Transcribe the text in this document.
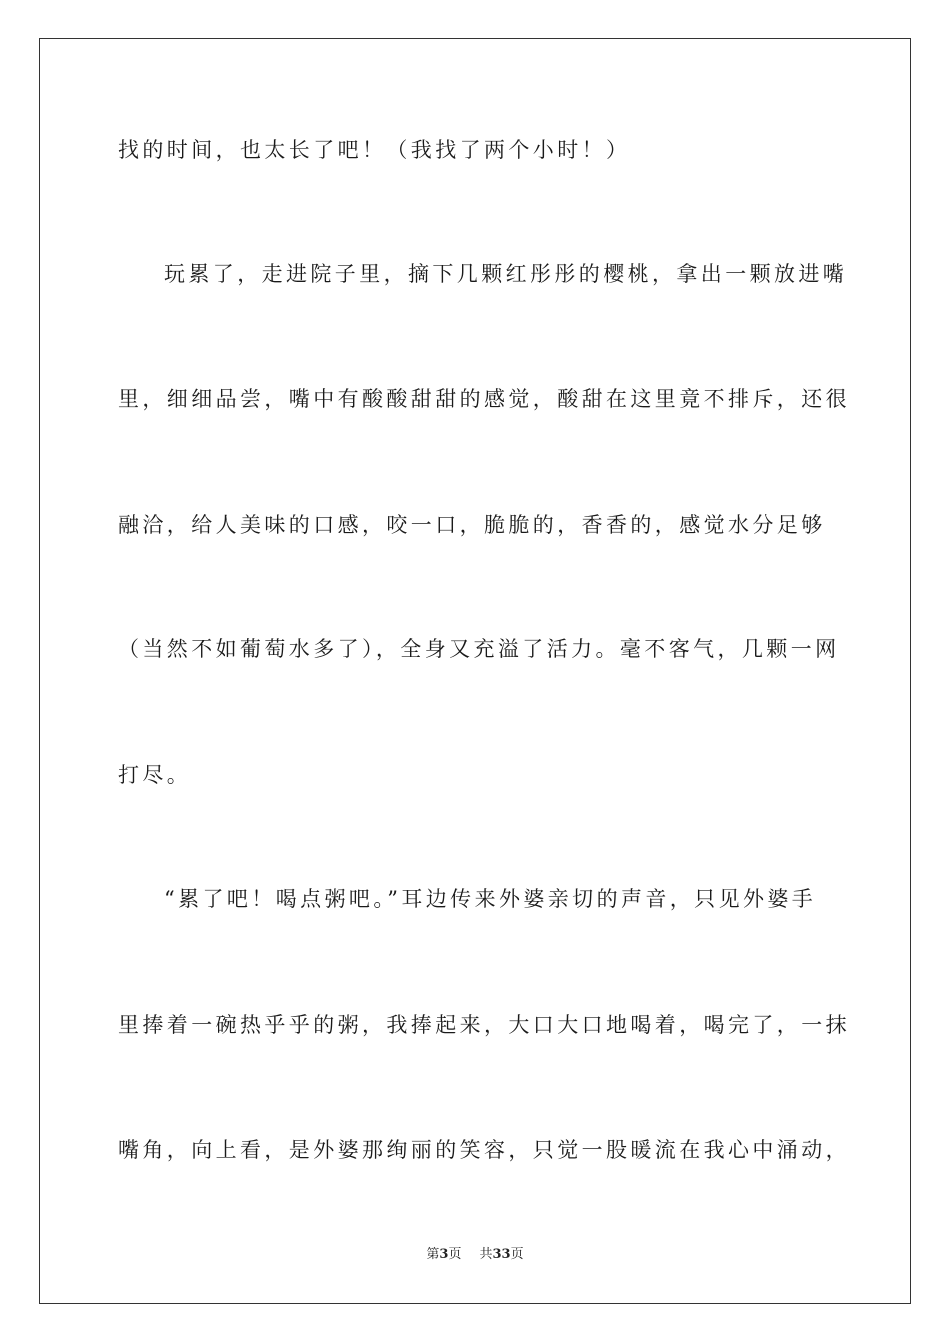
找的时间，也太长了吧！（我找了两个小时！）
玩累了，走进院子里，摘下几颗红彤彤的樱桃，拿出一颗放进嘴
里，细细品尝，嘴中有酸酸甜甜的感觉，酸甜在这里竟不排斥，还很
融洽，给人美味的口感，咬一口，脆脆的，香香的，感觉水分足够
（当然不如葡萄水多了），全身又充溢了活力。毫不客气，几颗一网
打尽。
“累了吧！喝点粥吧。”耳边传来外婆亲切的声音，只见外婆手
里捧着一碗热乎乎的粥，我捧起来，大口大口地喝着，喝完了，一抹
嘴角，向上看，是外婆那绚丽的笑容，只觉一股暖流在我心中涌动，
第3页 共33页
